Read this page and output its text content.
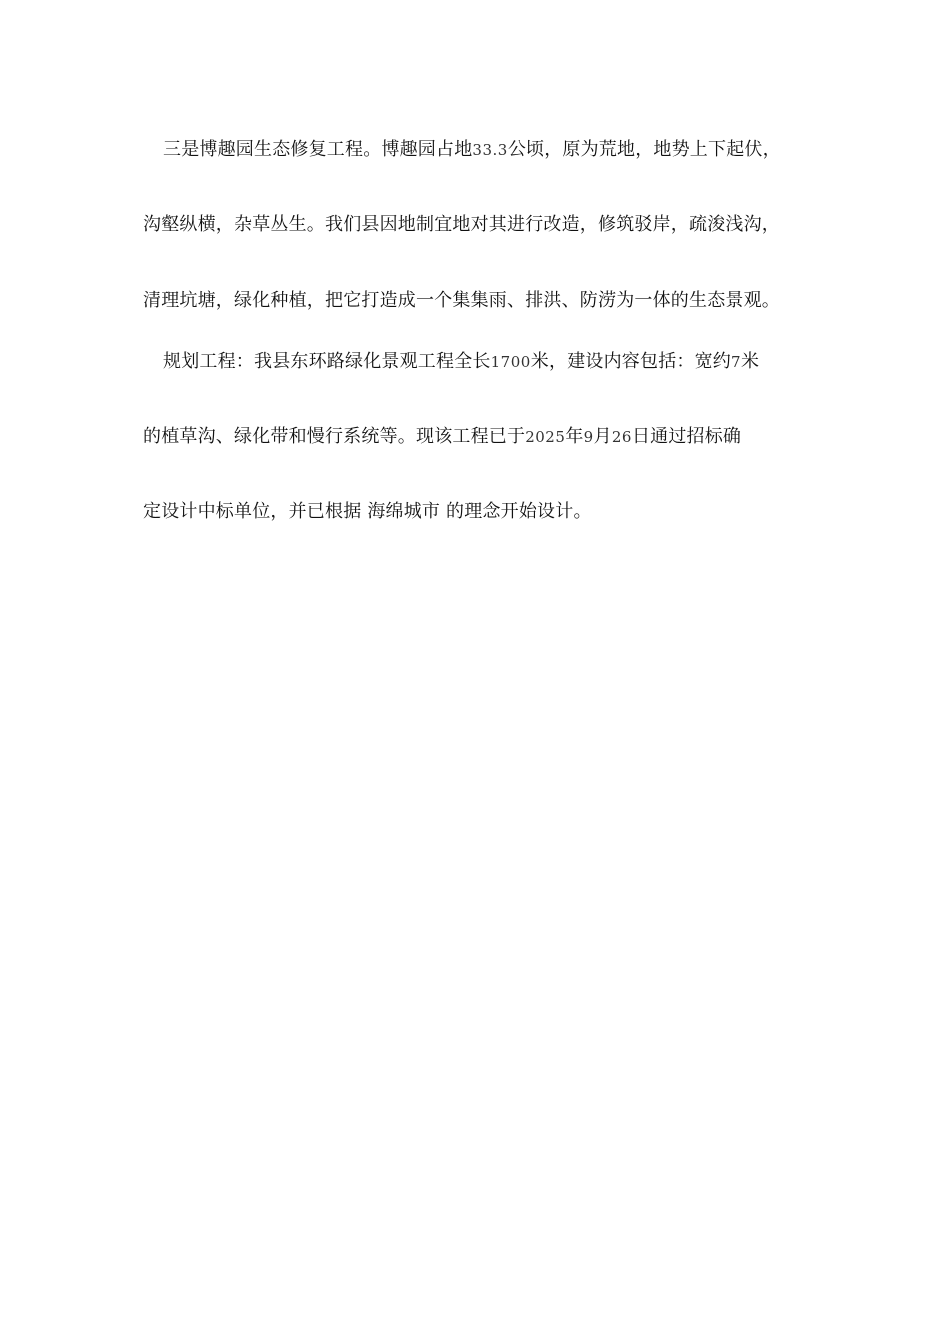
三是博趣园生态修复工程。博趣园占地33.3公顷，原为荒地，地势上下起伏，
沟壑纵横，杂草丛生。我们县因地制宜地对其进行改造，修筑驳岸，疏浚浅沟，
清理坑塘，绿化种植，把它打造成一个集集雨、排洪、防涝为一体的生态景观。
规划工程：我县东环路绿化景观工程全长1700米，建设内容包括：宽约7米
的植草沟、绿化带和慢行系统等。现该工程已于2025年9月26日通过招标确
定设计中标单位，并已根据 海绵城市 的理念开始设计。
